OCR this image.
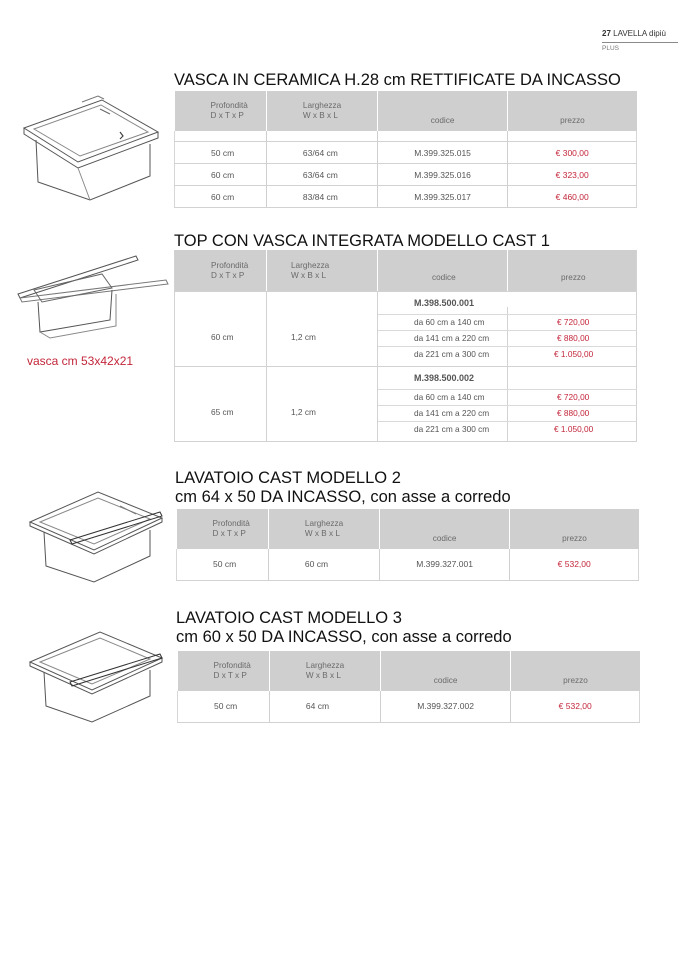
27 LAVELLA dipiù
PLUS
VASCA IN CERAMICA H.28 cm RETTIFICATE DA INCASSO
Profondità
D x T x P	Larghezza
W x B x L	codice	prezzo

50 cm	63/64 cm	M.399.325.015	€ 300,00
60 cm	63/64 cm	M.399.325.016	€ 323,00
60 cm	83/84 cm	M.399.325.017	€ 460,00
vasca cm 53x42x21
TOP CON VASCA INTEGRATA MODELLO CAST 1
Profondità
D x T x P
Larghezza
W x B x L	codice	prezzo
60 cm	1,2 cm
M.398.500.001
da 60 cm a 140 cm	€ 720,00
da 141 cm a 220 cm	€ 880,00
da 221 cm a 300 cm	€ 1.050,00
65 cm	1,2 cm
M.398.500.002
da 60 cm a 140 cm	€ 720,00
da 141 cm a 220 cm	€ 880,00
da 221 cm a 300 cm	€ 1.050,00
LAVATOIO CAST MODELLO 2
cm 64 x 50 DA INCASSO, con asse a corredo
Profondità
D x T x P	Larghezza
W x B x L	codice	prezzo

50 cm	60 cm	M.399.327.001	€ 532,00
LAVATOIO CAST MODELLO 3
cm 60 x 50 DA INCASSO, con asse a corredo
Profondità
D x T x P	Larghezza
W x B x L	codice	prezzo

50 cm	64 cm	M.399.327.002	€ 532,00
